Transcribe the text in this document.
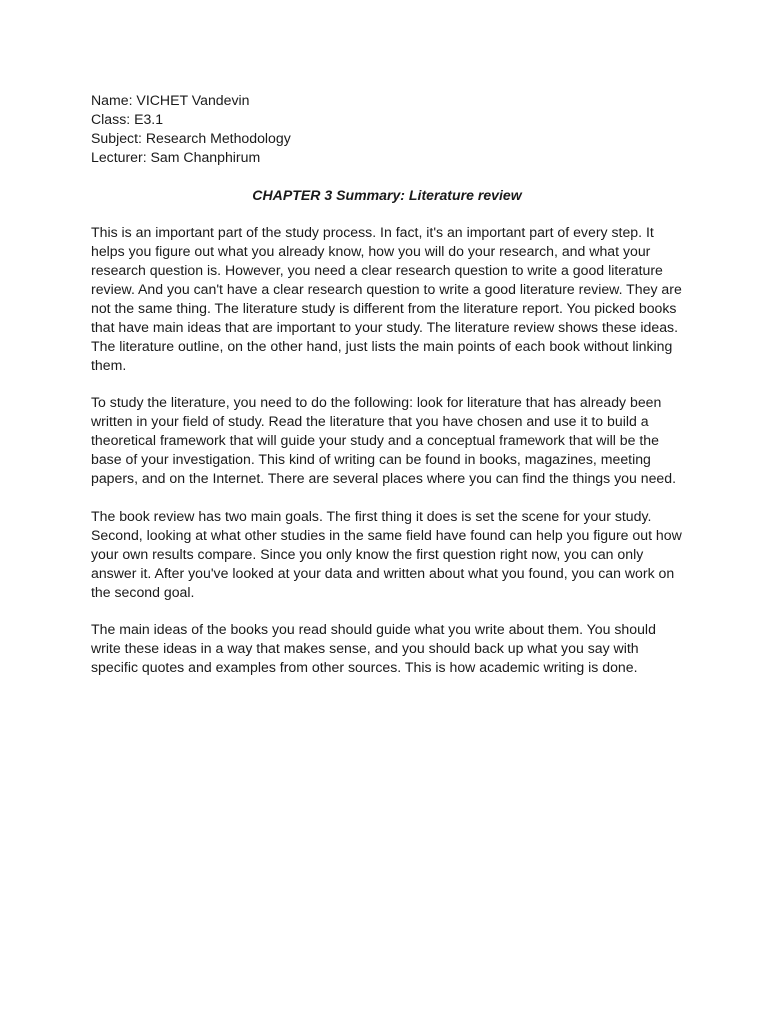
Name: VICHET Vandevin

Class: E3.1

Subject: Research Methodology

Lecturer: Sam Chanphirum

CHAPTER 3 Summary: Literature review

This is an important part of the study process. In fact, it's an important part of every step. It helps you figure out what you already know, how you will do your research, and what your research question is. However, you need a clear research question to write a good literature review. And you can't have a clear research question to write a good literature review. They are not the same thing. The literature study is different from the literature report. You picked books that have main ideas that are important to your study. The literature review shows these ideas. The literature outline, on the other hand, just lists the main points of each book without linking them.

To study the literature, you need to do the following: look for literature that has already been written in your field of study. Read the literature that you have chosen and use it to build a theoretical framework that will guide your study and a conceptual framework that will be the base of your investigation. This kind of writing can be found in books, magazines, meeting papers, and on the Internet. There are several places where you can find the things you need.

The book review has two main goals. The first thing it does is set the scene for your study. Second, looking at what other studies in the same field have found can help you figure out how your own results compare. Since you only know the first question right now, you can only answer it. After you've looked at your data and written about what you found, you can work on the second goal.

The main ideas of the books you read should guide what you write about them. You should write these ideas in a way that makes sense, and you should back up what you say with specific quotes and examples from other sources. This is how academic writing is done.
